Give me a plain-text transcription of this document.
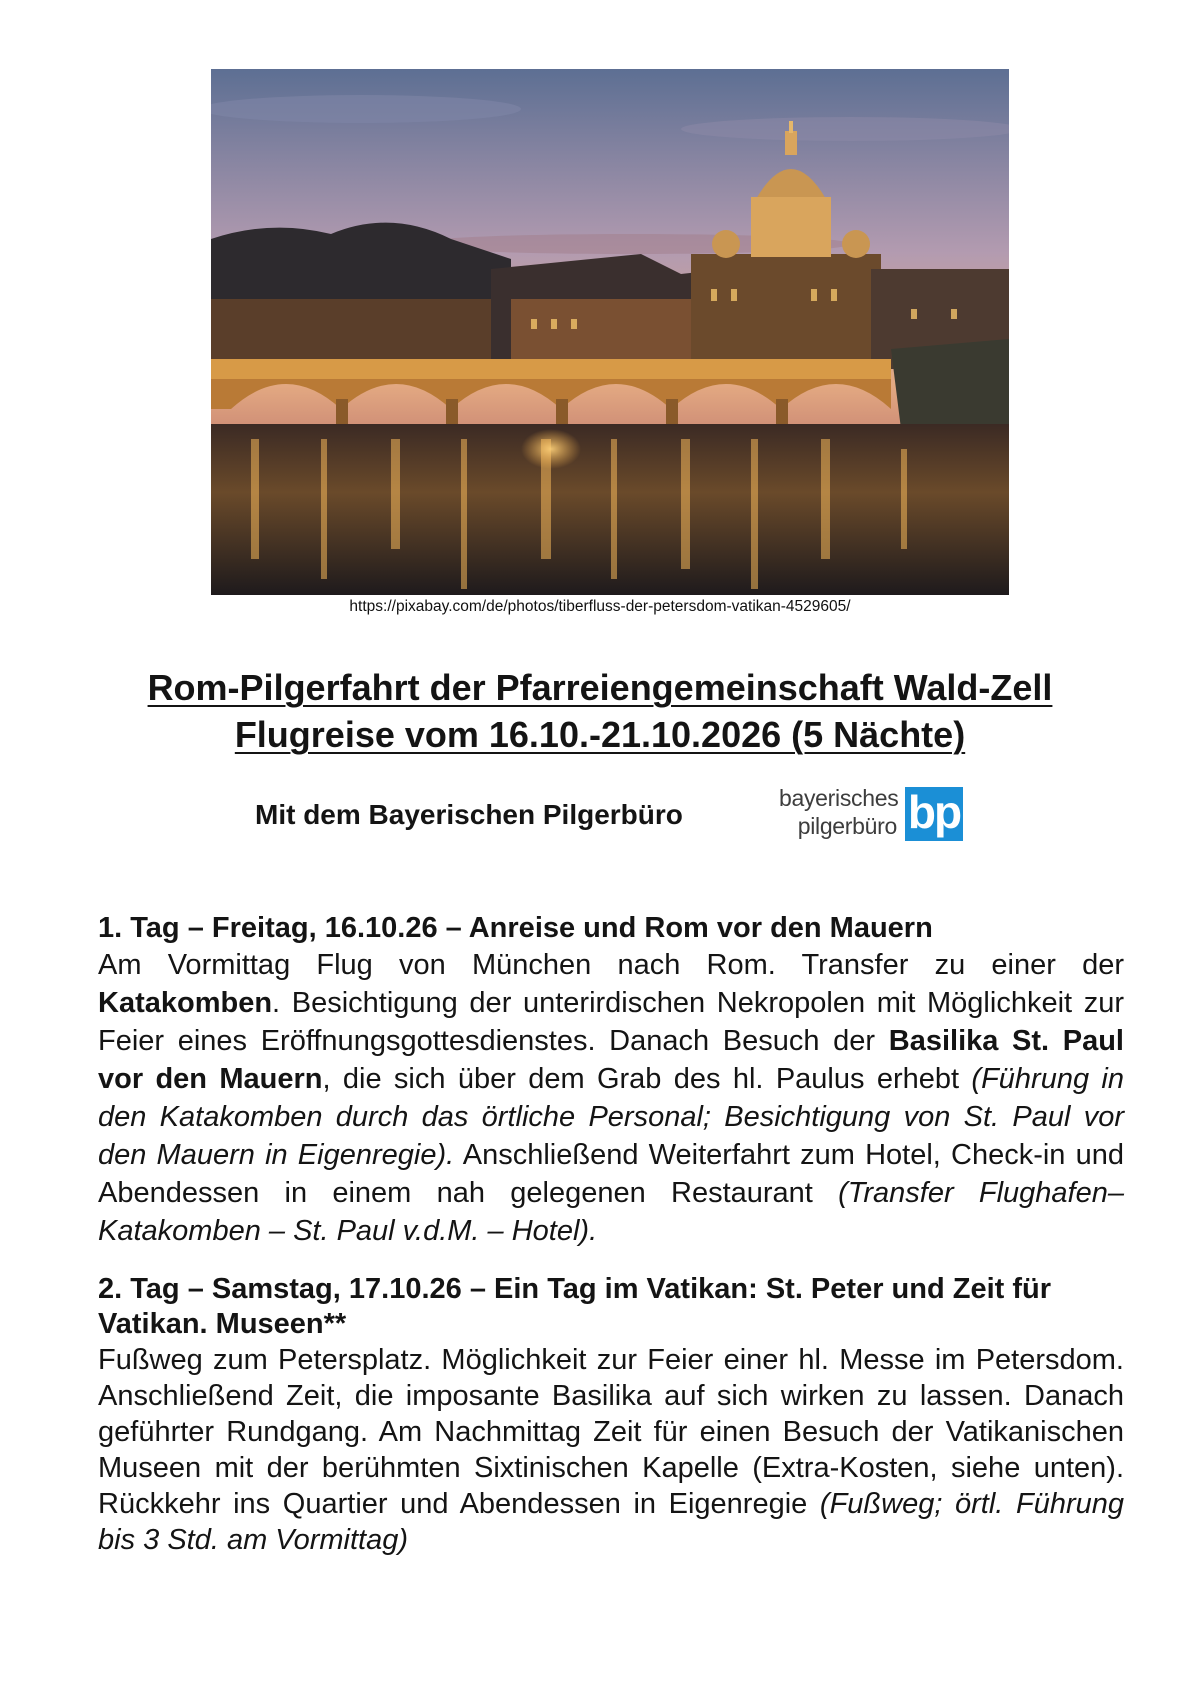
https://pixabay.com/de/photos/tiberfluss-der-petersdom-vatikan-4529605/
Rom-Pilgerfahrt der Pfarreiengemeinschaft Wald-Zell
Flugreise vom 16.10.-21.10.2026 (5 Nächte)

Mit dem Bayerischen Pilgerbüro

bayerisches
pilgerbüro bp

1. Tag – Freitag, 16.10.26 – Anreise und Rom vor den Mauern

Am Vormittag Flug von München nach Rom. Transfer zu einer der Katakomben. Besichtigung der unterirdischen Nekropolen mit Möglichkeit zur Feier eines Eröffnungsgottesdienstes. Danach Besuch der Basilika St. Paul vor den Mauern, die sich über dem Grab des hl. Paulus erhebt (Führung in den Katakomben durch das örtliche Personal; Besichtigung von St. Paul vor den Mauern in Eigenregie). Anschließend Weiterfahrt zum Hotel, Check-in und Abendessen in einem nah gelegenen Restaurant (Transfer Flughafen– Katakomben – St. Paul v.d.M. – Hotel).

2. Tag – Samstag, 17.10.26 – Ein Tag im Vatikan: St. Peter und Zeit für Vatikan. Museen**

Fußweg zum Petersplatz. Möglichkeit zur Feier einer hl. Messe im Petersdom. Anschließend Zeit, die imposante Basilika auf sich wirken zu lassen. Danach geführter Rundgang. Am Nachmittag Zeit für einen Besuch der Vatikanischen Museen mit der berühmten Sixtinischen Kapelle (Extra-Kosten, siehe unten). Rückkehr ins Quartier und Abendessen in Eigenregie (Fußweg; örtl. Führung bis 3 Std. am Vormittag)
